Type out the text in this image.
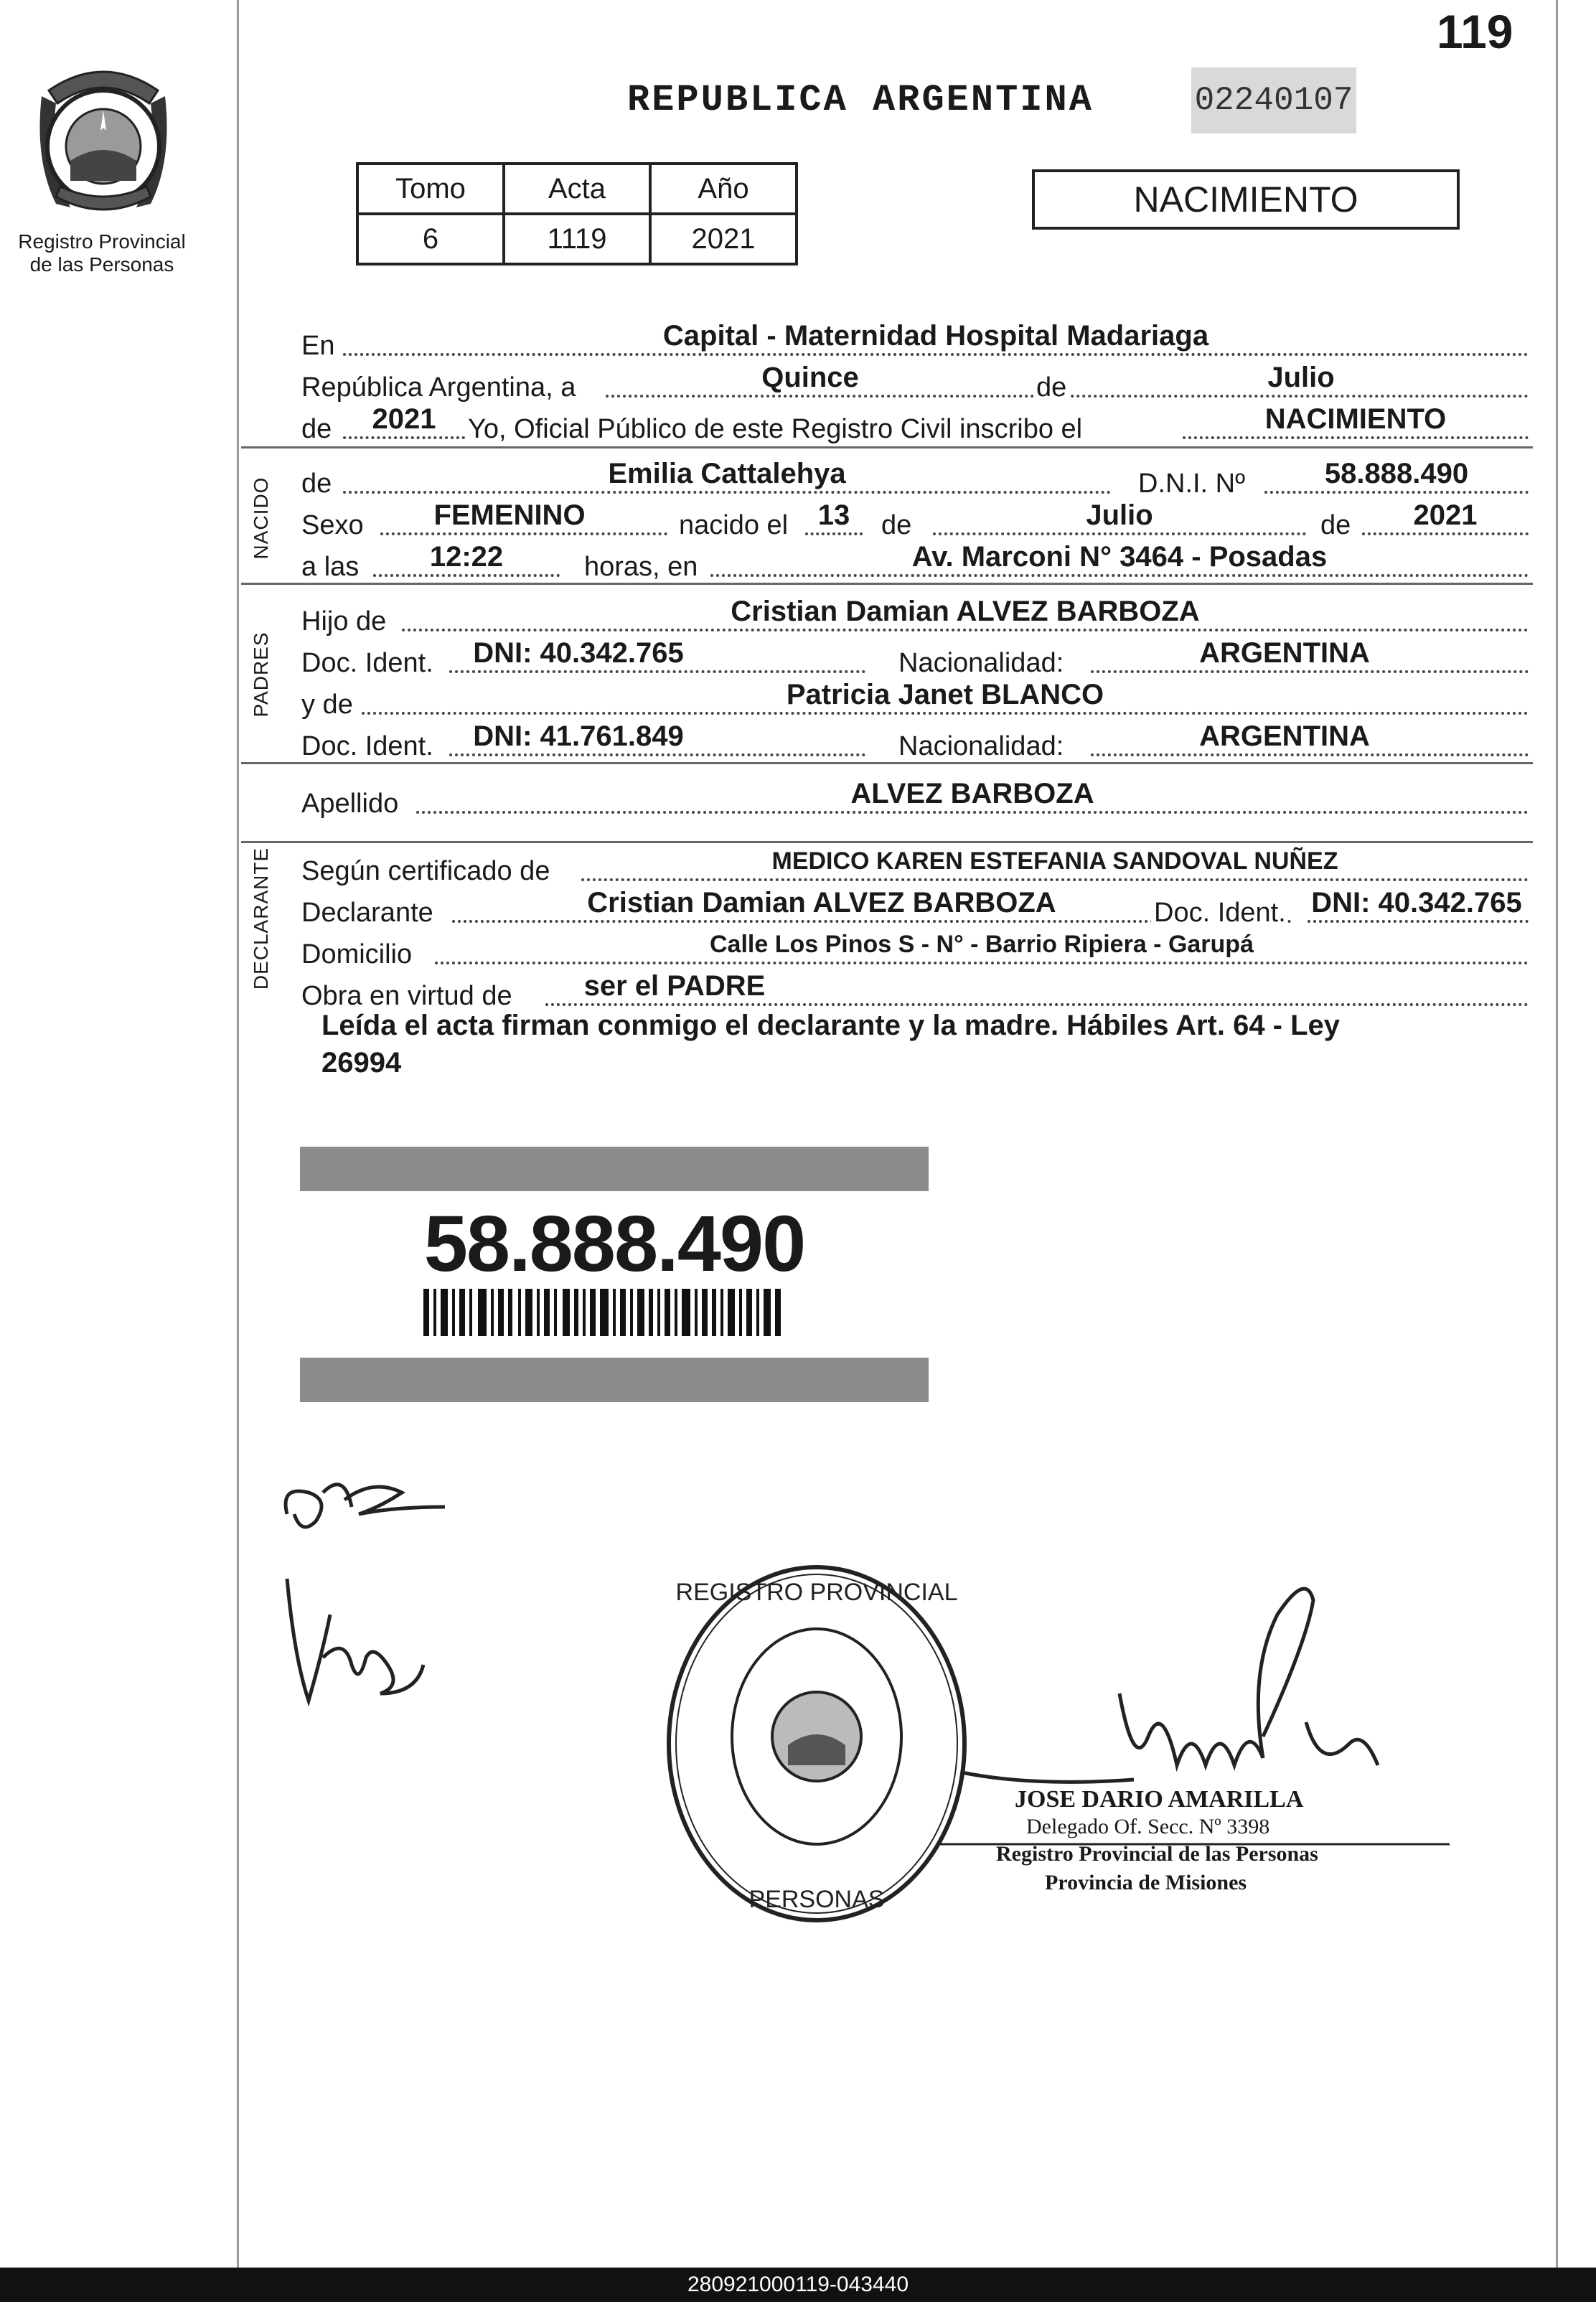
119
Registro Provincial
de las Personas
REPUBLICA ARGENTINA	02240107
Tomo	Acta	Año
6	1119	2021
NACIMIENTO
En	Capital - Maternidad Hospital Madariaga
República Argentina, a	Quince	de	Julio
de	2021	Yo, Oficial Público de este Registro Civil inscribo el	NACIMIENTO
NACIDO de	Emilia Cattalehya	D.N.I. Nº	58.888.490
Sexo	FEMENINO	nacido el	13	de	Julio	de	2021
a las	12:22	horas, en	Av. Marconi N° 3464 - Posadas
PADRES
Hijo de	Cristian Damian ALVEZ BARBOZA
Doc. Ident.	DNI: 40.342.765	Nacionalidad:	ARGENTINA
y de	Patricia Janet BLANCO
Doc. Ident.	DNI: 41.761.849	Nacionalidad:	ARGENTINA
Apellido	ALVEZ BARBOZA
DECLARANTE Según certificado de	MEDICO KAREN ESTEFANIA SANDOVAL NUÑEZ
Declarante	Cristian Damian ALVEZ BARBOZA	Doc. Ident. DNI: 40.342.765
Domicilio	Calle Los Pinos S - N° - Barrio Ripiera - Garupá
Obra en virtud de	ser el PADRE
Leída el acta firman conmigo el declarante y la madre. Hábiles Art. 64 - Ley
26994
58.888.490
REGISTRO PROVINCIAL
PERSONAS
JOSE DARIO AMARILLA
Delegado Of. Secc. Nº 3398
Registro Provincial de las Personas
Provincia de Misiones
280921000119-043440
